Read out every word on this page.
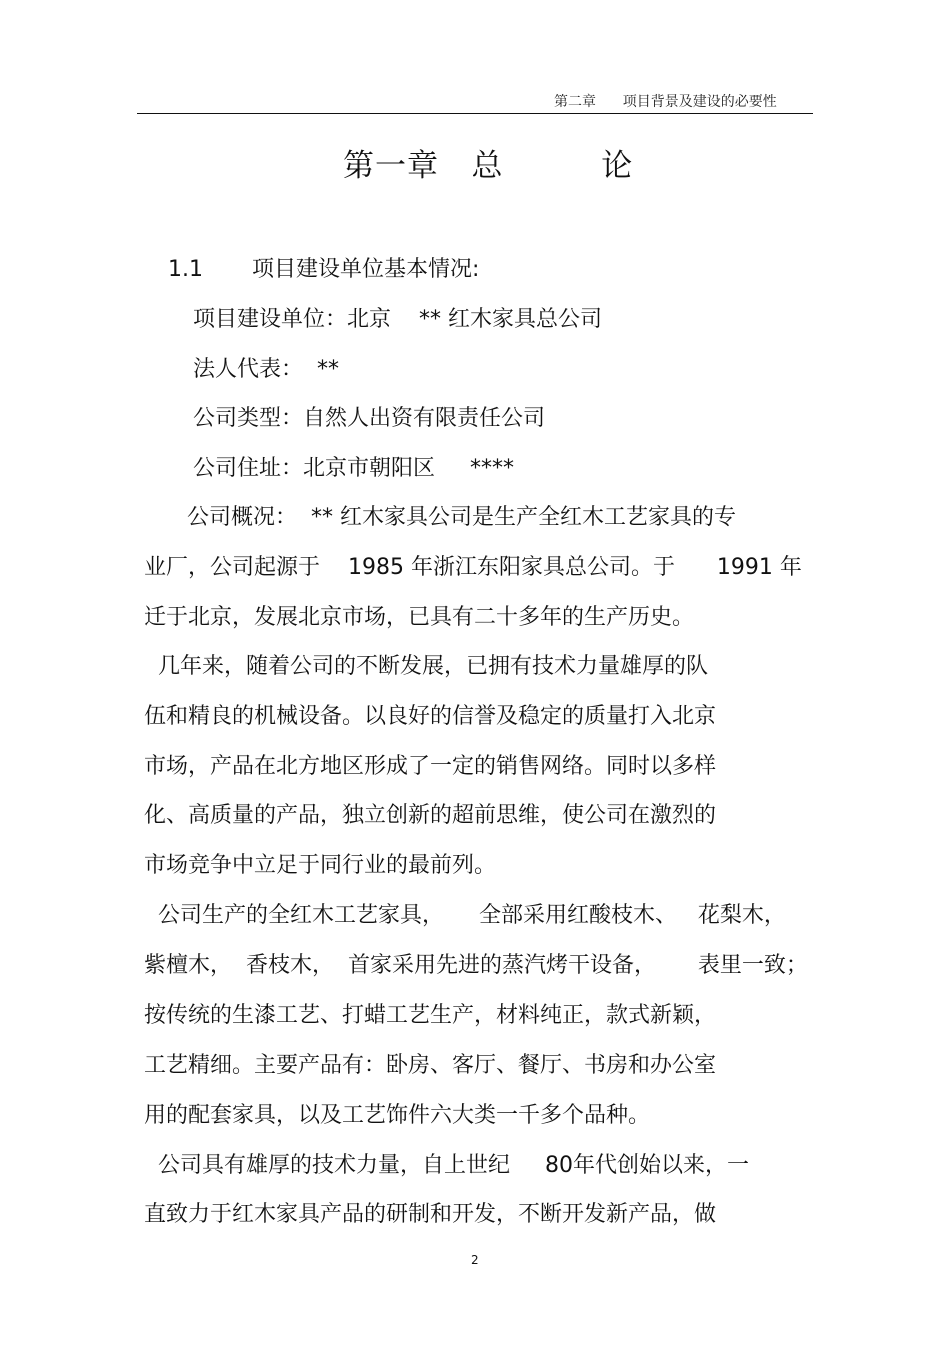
第二章      项目背景及建设的必要性
第一章   总         论
1.1       项目建设单位基本情况:
项目建设单位：北京    ** 红木家具总公司
法人代表：  **
公司类型：自然人出资有限责任公司
公司住址：北京市朝阳区     ****
公司概况：  ** 红木家具公司是生产全红木工艺家具的专
业厂，公司起源于    1985 年浙江东阳家具总公司。于      1991 年
迁于北京，发展北京市场，已具有二十多年的生产历史。
几年来，随着公司的不断发展，已拥有技术力量雄厚的队
伍和精良的机械设备。以良好的信誉及稳定的质量打入北京
市场，产品在北方地区形成了一定的销售网络。同时以多样
化、高质量的产品，独立创新的超前思维，使公司在激烈的
市场竞争中立足于同行业的最前列。
公司生产的全红木工艺家具，     全部采用红酸枝木、   花梨木，
紫檀木，  香枝木，  首家采用先进的蒸汽烤干设备，      表里一致；
按传统的生漆工艺、打蜡工艺生产，材料纯正，款式新颖，
工艺精细。主要产品有：卧房、客厅、餐厅、书房和办公室
用的配套家具，以及工艺饰件六大类一千多个品种。
公司具有雄厚的技术力量，自上世纪     80年代创始以来，一
直致力于红木家具产品的研制和开发，不断开发新产品，做
2
